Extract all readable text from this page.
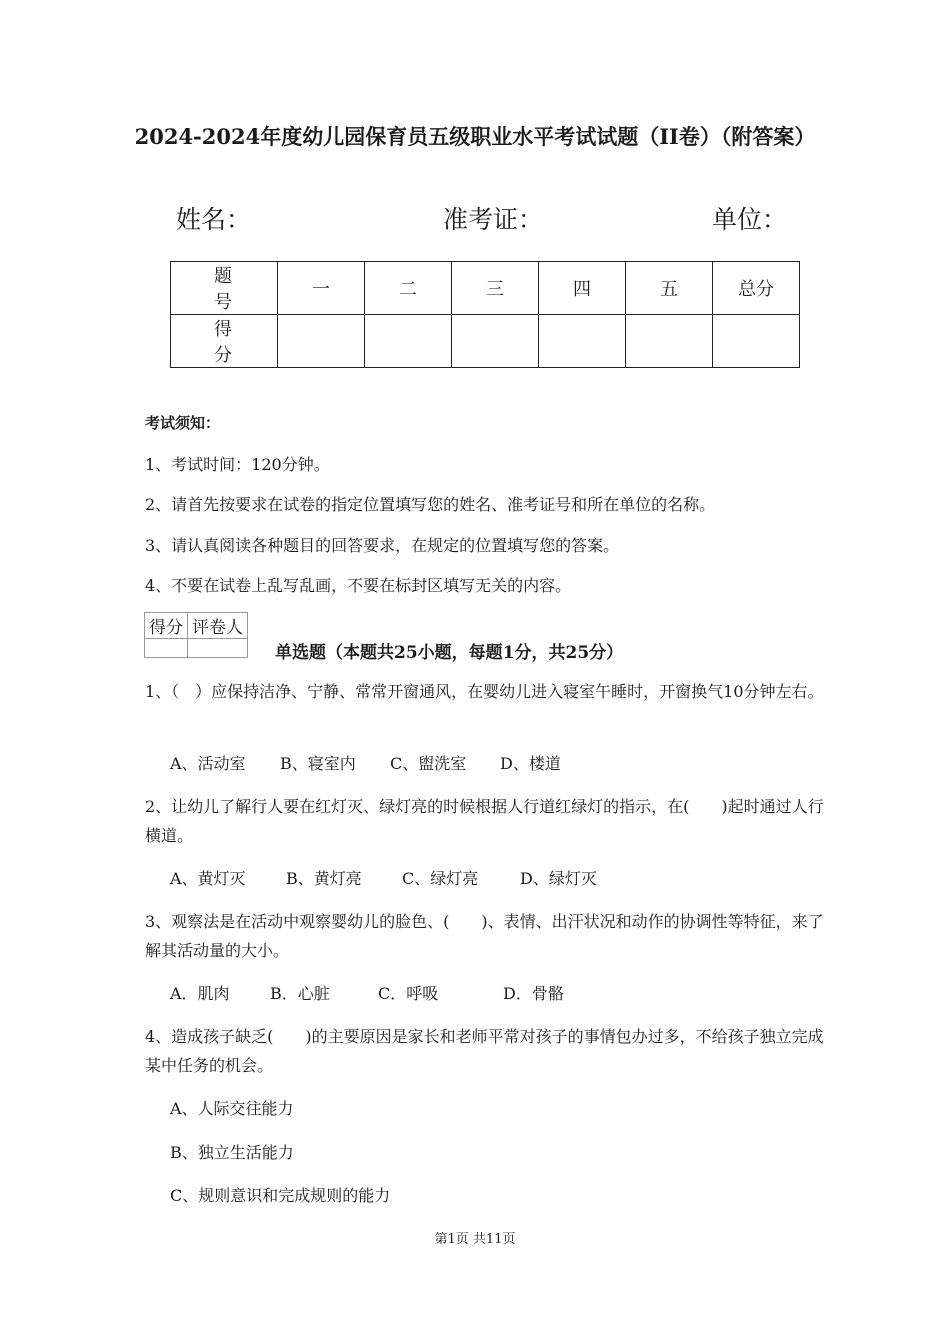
2024-2024年度幼儿园保育员五级职业水平考试试题（II卷）（附答案）
姓名：	准考证：	单位：
题　号	一	二	三	四	五	总分
得　分						
考试须知：
1、考试时间：120分钟。
2、请首先按要求在试卷的指定位置填写您的姓名、准考证号和所在单位的名称。
3、请认真阅读各种题目的回答要求，在规定的位置填写您的答案。
4、不要在试卷上乱写乱画，不要在标封区填写无关的内容。
得分	评卷人

单选题（本题共25小题，每题1分，共25分）
1、（　）应保持洁净、宁静、常常开窗通风，在婴幼儿进入寝室午睡时，开窗换气10分钟左右。
A、活动室 B、寝室内 C、盥洗室 D、楼道
2、让幼儿了解行人要在红灯灭、绿灯亮的时候根据人行道红绿灯的指示，在(　　)起时通过人行横道。
A、黄灯灭	B、黄灯亮	C、绿灯亮	D、绿灯灭
3、观察法是在活动中观察婴幼儿的脸色、(　　)、表情、出汗状况和动作的协调性等特征，来了解其活动量的大小。
A．肌肉	B．心脏	C．呼吸	D．骨骼
4、造成孩子缺乏(　　)的主要原因是家长和老师平常对孩子的事情包办过多，不给孩子独立完成某中任务的机会。
A、人际交往能力
B、独立生活能力
C、规则意识和完成规则的能力
第1页 共11页
